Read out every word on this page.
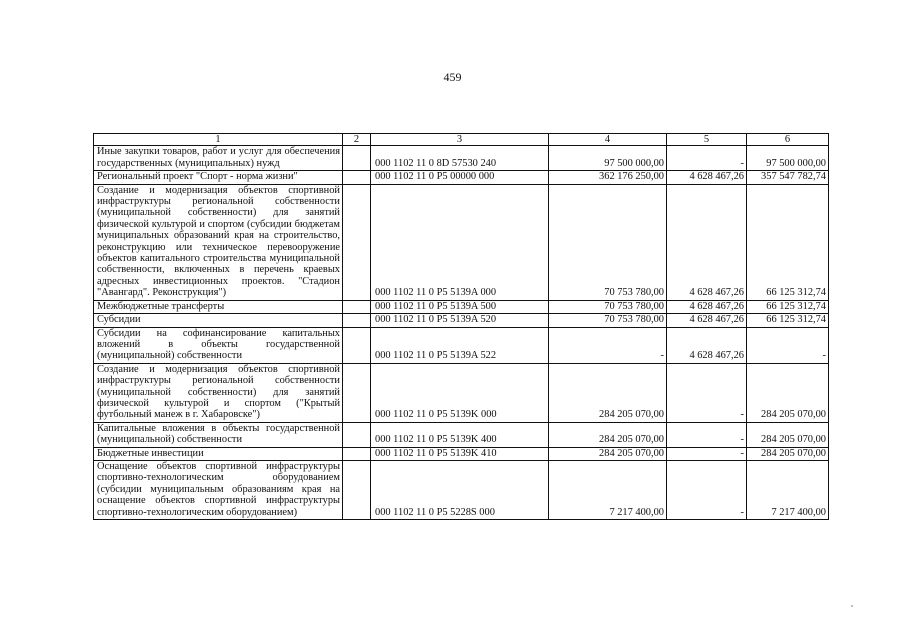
459
1	2	3	4	5	6
Иные закупки товаров, работ и услуг для обеспечения государственных (муниципальных) нужд		000 1102 11 0 8D 57530 240	97 500 000,00	-	97 500 000,00
Региональный проект "Спорт - норма жизни"		000 1102 11 0 P5 00000 000	362 176 250,00	4 628 467,26	357 547 782,74
Создание и модернизация объектов спортивной инфраструктуры региональной собственности (муниципальной собственности) для занятий физической культурой и спортом (субсидии бюджетам муниципальных образований края на строительство, реконструкцию или техническое перевооружение объектов капитального строительства муниципальной собственности, включенных в перечень краевых адресных инвестиционных проектов. "Стадион "Авангард". Реконструкция")		000 1102 11 0 P5 5139A 000	70 753 780,00	4 628 467,26	66 125 312,74
Межбюджетные трансферты		000 1102 11 0 P5 5139A 500	70 753 780,00	4 628 467,26	66 125 312,74
Субсидии		000 1102 11 0 P5 5139A 520	70 753 780,00	4 628 467,26	66 125 312,74
Субсидии на софинансирование капитальных вложений в объекты государственной (муниципальной) собственности		000 1102 11 0 P5 5139A 522	-	4 628 467,26	-
Создание и модернизация объектов спортивной инфраструктуры региональной собственности (муниципальной собственности) для занятий физической культурой и спортом ("Крытый футбольный манеж в г. Хабаровске")		000 1102 11 0 P5 5139K 000	284 205 070,00	-	284 205 070,00
Капитальные вложения в объекты государственной (муниципальной) собственности		000 1102 11 0 P5 5139K 400	284 205 070,00	-	284 205 070,00
Бюджетные инвестиции		000 1102 11 0 P5 5139K 410	284 205 070,00	-	284 205 070,00
Оснащение объектов спортивной инфраструктуры спортивно-технологическим оборудованием (субсидии муниципальным образованиям края на оснащение объектов спортивной инфраструктуры спортивно-технологическим оборудованием)		000 1102 11 0 P5 5228S 000	7 217 400,00	-	7 217 400,00
